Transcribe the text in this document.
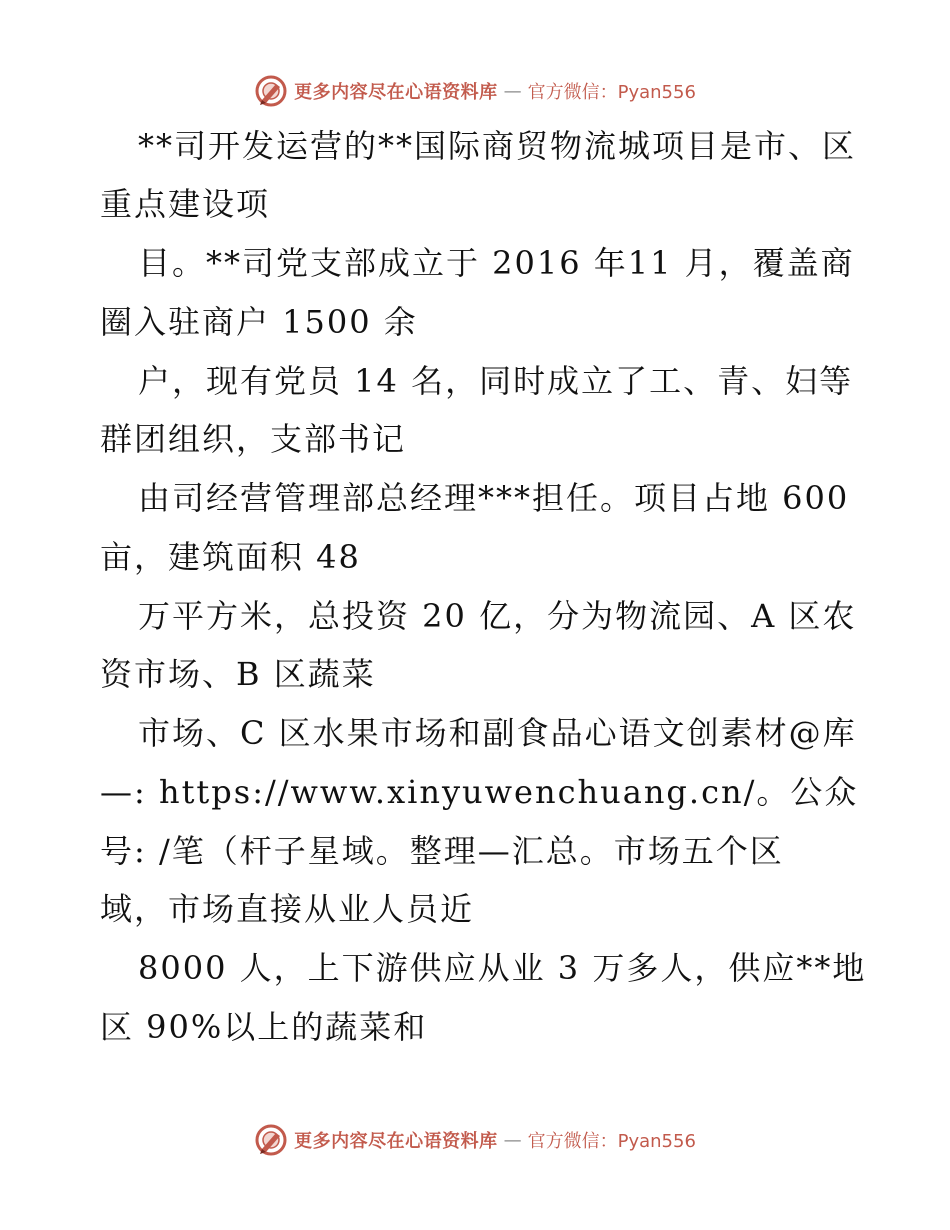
更多内容尽在心语资料库 — 官方微信：Pyan556
**司开发运营的**国际商贸物流城项目是市、区
重点建设项
目。**司党支部成立于 2016 年11 月，覆盖商
圈入驻商户 1500 余
户，现有党员 14 名，同时成立了工、青、妇等
群团组织，支部书记
由司经营管理部总经理***担任。项目占地 600
亩，建筑面积 48
万平方米，总投资 20 亿，分为物流园、A 区农
资市场、B 区蔬菜
市场、C 区水果市场和副食品心语文创素材@库
—: https://www.xinyuwenchuang.cn/。公众
号: /笔（杆子星域。整理—汇总。市场五个区
域，市场直接从业人员近
8000 人，上下游供应从业 3 万多人，供应**地
区 90%以上的蔬菜和
更多内容尽在心语资料库 — 官方微信：Pyan556
